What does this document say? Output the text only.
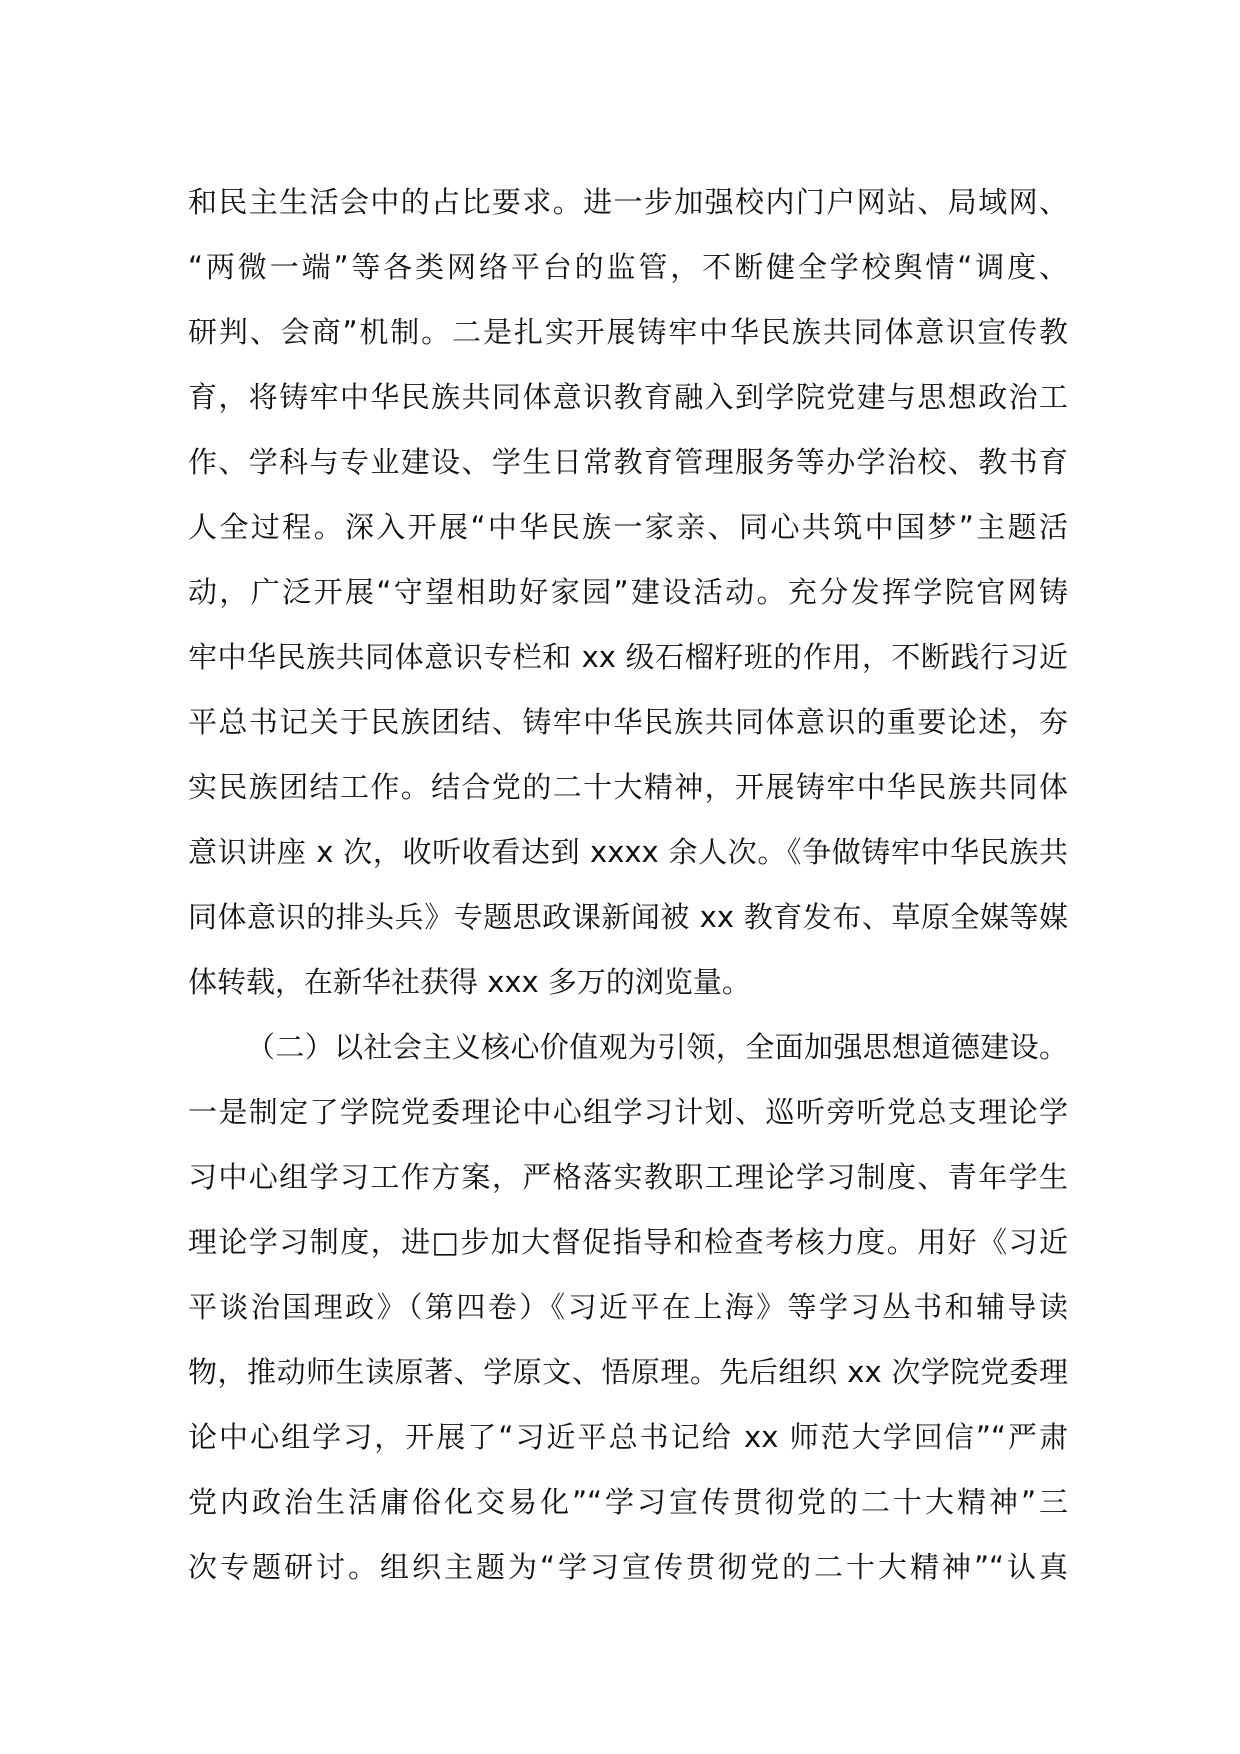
和民主生活会中的占比要求。进一步加强校内门户网站、局域网、
“两微一端”等各类网络平台的监管，不断健全学校舆情“调度、
研判、会商”机制。二是扎实开展铸牢中华民族共同体意识宣传教
育，将铸牢中华民族共同体意识教育融入到学院党建与思想政治工
作、学科与专业建设、学生日常教育管理服务等办学治校、教书育
人全过程。深入开展“中华民族一家亲、同心共筑中国梦”主题活
动，广泛开展“守望相助好家园”建设活动。充分发挥学院官网铸
牢中华民族共同体意识专栏和 xx 级石榴籽班的作用，不断践行习近
平总书记关于民族团结、铸牢中华民族共同体意识的重要论述，夯
实民族团结工作。结合党的二十大精神，开展铸牢中华民族共同体
意识讲座 x 次，收听收看达到 xxxx 余人次。《争做铸牢中华民族共
同体意识的排头兵》专题思政课新闻被 xx 教育发布、草原全媒等媒
体转载，在新华社获得 xxx 多万的浏览量。
（二）以社会主义核心价值观为引领，全面加强思想道德建设。
一是制定了学院党委理论中心组学习计划、巡听旁听党总支理论学
习中心组学习工作方案，严格落实教职工理论学习制度、青年学生
理论学习制度，进□步加大督促指导和检查考核力度。用好《习近
平谈治国理政》（第四卷）《习近平在上海》等学习丛书和辅导读
物，推动师生读原著、学原文、悟原理。先后组织 xx 次学院党委理
论中心组学习，开展了“习近平总书记给 xx 师范大学回信”“严肃
党内政治生活庸俗化交易化”“学习宣传贯彻党的二十大精神”三
次专题研讨。组织主题为“学习宣传贯彻党的二十大精神”“认真
